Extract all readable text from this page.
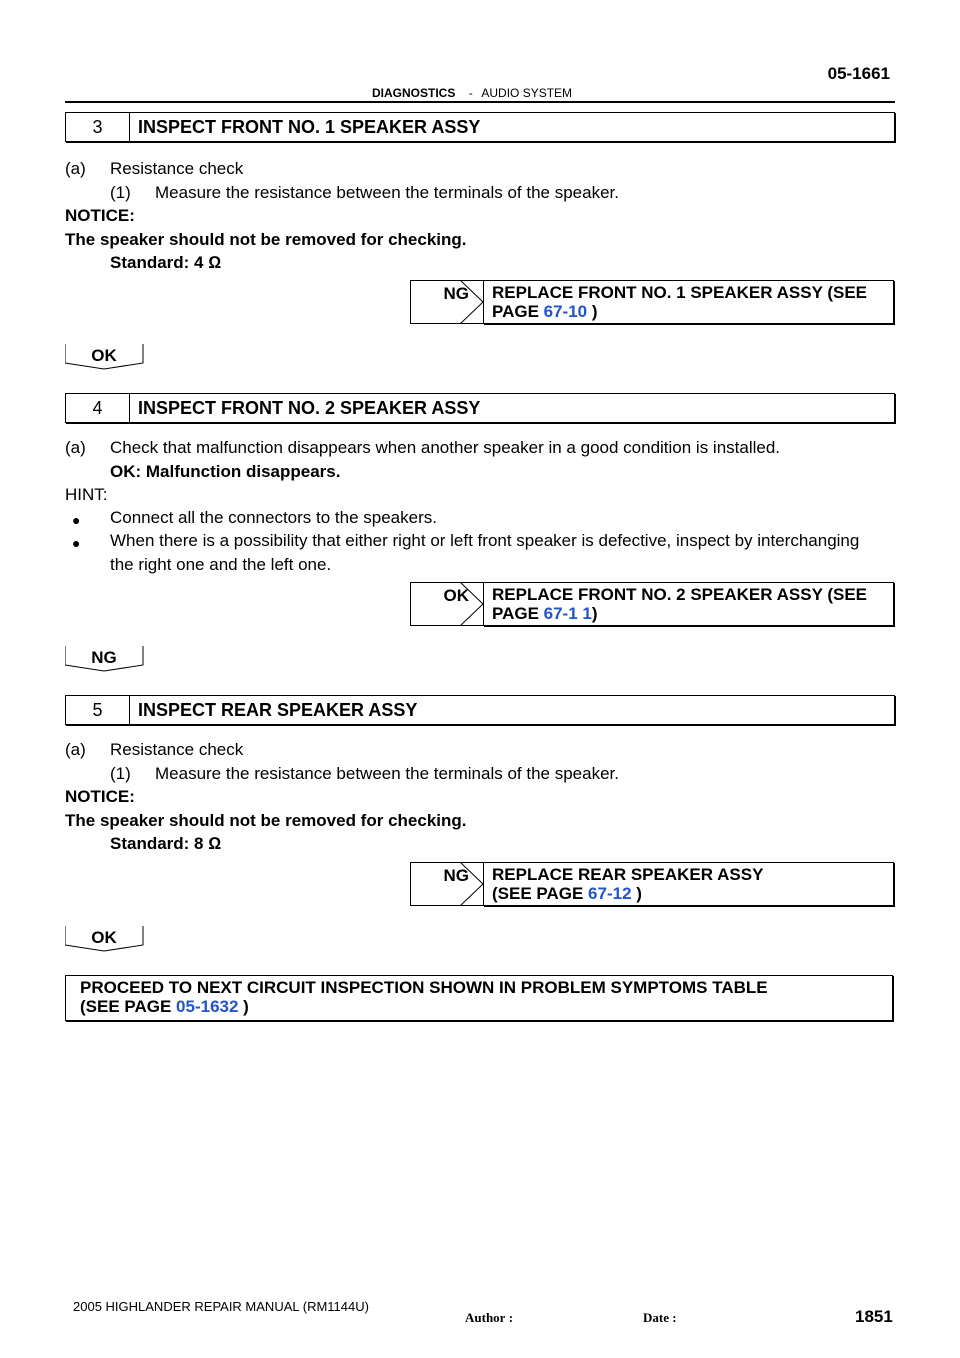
05-1661
DIAGNOSTICS - AUDIO SYSTEM
3	INSPECT FRONT NO. 1 SPEAKER ASSY
(a) Resistance check
(1) Measure the resistance between the terminals of the speaker.
NOTICE:
The speaker should not be removed for checking.
Standard: 4 Ω
NG REPLACE FRONT NO. 1 SPEAKER ASSY (SEE
PAGE 67-10 )
OK
4	INSPECT FRONT NO. 2 SPEAKER ASSY
(a) Check that malfunction disappears when another speaker in a good condition is installed.
OK: Malfunction disappears.
HINT:
● Connect all the connectors to the speakers.
● When there is a possibility that either right or left front speaker is defective, inspect by interchanging
the right one and the left one.
OK REPLACE FRONT NO. 2 SPEAKER ASSY (SEE
PAGE 67-1 1)
NG
5	INSPECT REAR SPEAKER ASSY
(a) Resistance check
(1) Measure the resistance between the terminals of the speaker.
NOTICE:
The speaker should not be removed for checking.
Standard: 8 Ω
NG REPLACE REAR SPEAKER ASSY
(SEE PAGE 67-12 )
OK
PROCEED TO NEXT CIRCUIT INSPECTION SHOWN IN PROBLEM SYMPTOMS TABLE
(SEE PAGE 05-1632 )
2005 HIGHLANDER REPAIR MANUAL (RM1144U)
Author :	Date :	1851
